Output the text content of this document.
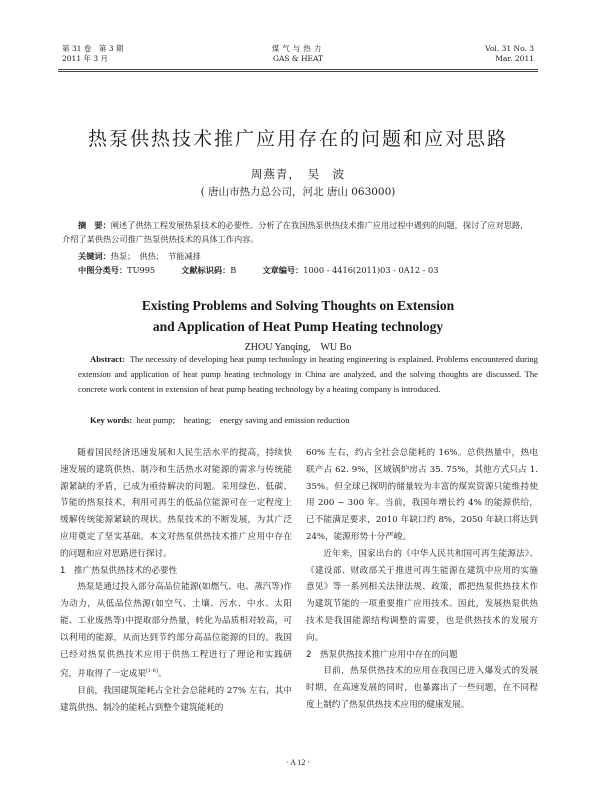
第 31 卷　第 3 期
2011 年 3 月
煤气与热力
GAS & HEAT
Vol. 31 No. 3
Mar. 2011
热泵供热技术推广应用存在的问题和应对思路
周燕青，　吴　波
( 唐山市热力总公司，河北 唐山 063000)
摘　要：阐述了供热工程发展热泵技术的必要性。分析了在我国热泵供热技术推广应用过程中遇到的问题，探讨了应对思路，介绍了某供热公司推广热泵供热技术的具体工作内容。
关键词：热泵；　供热；　节能减排
中图分类号：TU995	文献标识码：B	文章编号：1000 - 4416(2011)03 - 0A12 - 03
Existing Problems and Solving Thoughts on Extension
and Application of Heat Pump Heating technology
ZHOU Yanqing,　WU Bo
Abstract: The necessity of developing heat pump technology in heating engineering is explained. Problems encountered during extension and application of heat pump heating technology in China are analyzed, and the solving thoughts are discussed. The concrete work content in extension of heat pump heating technology by a heating company is introduced.
Key words: heat pump;　heating;　energy saving and emission reduction

随着国民经济迅速发展和人民生活水平的提高，持续快速发展的建筑供热、制冷和生活热水对能源的需求与传统能源紧缺的矛盾，已成为亟待解决的问题。采用绿色、低碳、节能的热泵技术，利用可再生的低品位能源可在一定程度上缓解传统能源紧缺的现状。热泵技术的不断发展，为其广泛应用奠定了坚实基础。本文对热泵供热技术推广应用中存在的问题和应对思路进行探讨。

1　推广热泵供热技术的必要性

热泵是通过投入部分高品位能源(如燃气、电、蒸汽等)作为动力，从低品位热源(如空气、土壤、污水、中水、太阳能、工业废热等)中提取部分热量，转化为品质相对较高，可以利用的能源，从而达到节约部分高品位能源的目的。我国已经对热泵供热技术应用于供热工程进行了理论和实践研究，并取得了一定成果[1-6]。

目前，我国建筑能耗占全社会总能耗的 27% 左右，其中建筑供热、制冷的能耗占到整个建筑能耗的

60% 左右，约占全社会总能耗的 16%。总供热量中，热电联产占 62. 9%，区域锅炉房占 35. 75%，其他方式只占 1. 35%。但全球已探明的储量较为丰富的煤炭资源只能维持使用 200 ~ 300 年。当前，我国年增长约 4% 的能源供给，已不能满足要求，2010 年缺口约 8%，2050 年缺口将达到 24%，能源形势十分严峻。

近年来，国家出台的《中华人民共和国可再生能源法》、《建设部、财政部关于推进可再生能源在建筑中应用的实施意见》等一系列相关法律法规、政策，都把热泵供热技术作为建筑节能的一项重要推广应用技术。因此，发展热泵供热技术是我国能源结构调整的需要，也是供热技术的发展方向。

2　热泵供热技术推广应用中存在的问题

目前，热泵供热技术的应用在我国已进入爆发式的发展时期，在高速发展的同时，也暴露出了一些问题，在不同程度上制约了热泵供热技术应用的健康发展。

· A 12 ·
